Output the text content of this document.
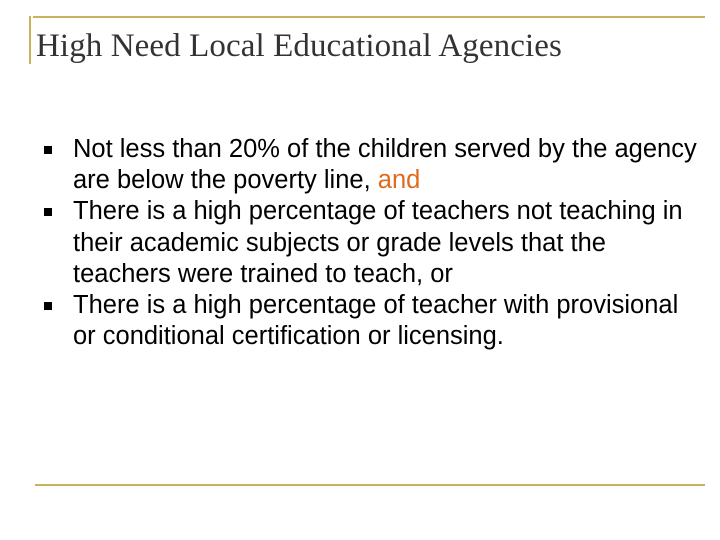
High Need Local Educational Agencies
Not less than 20% of the children served by the agency are below the poverty line, and
There is a high percentage of teachers not teaching in their academic subjects or grade levels that the teachers were trained to teach, or
There is a high percentage of teacher with provisional or conditional certification or licensing.
